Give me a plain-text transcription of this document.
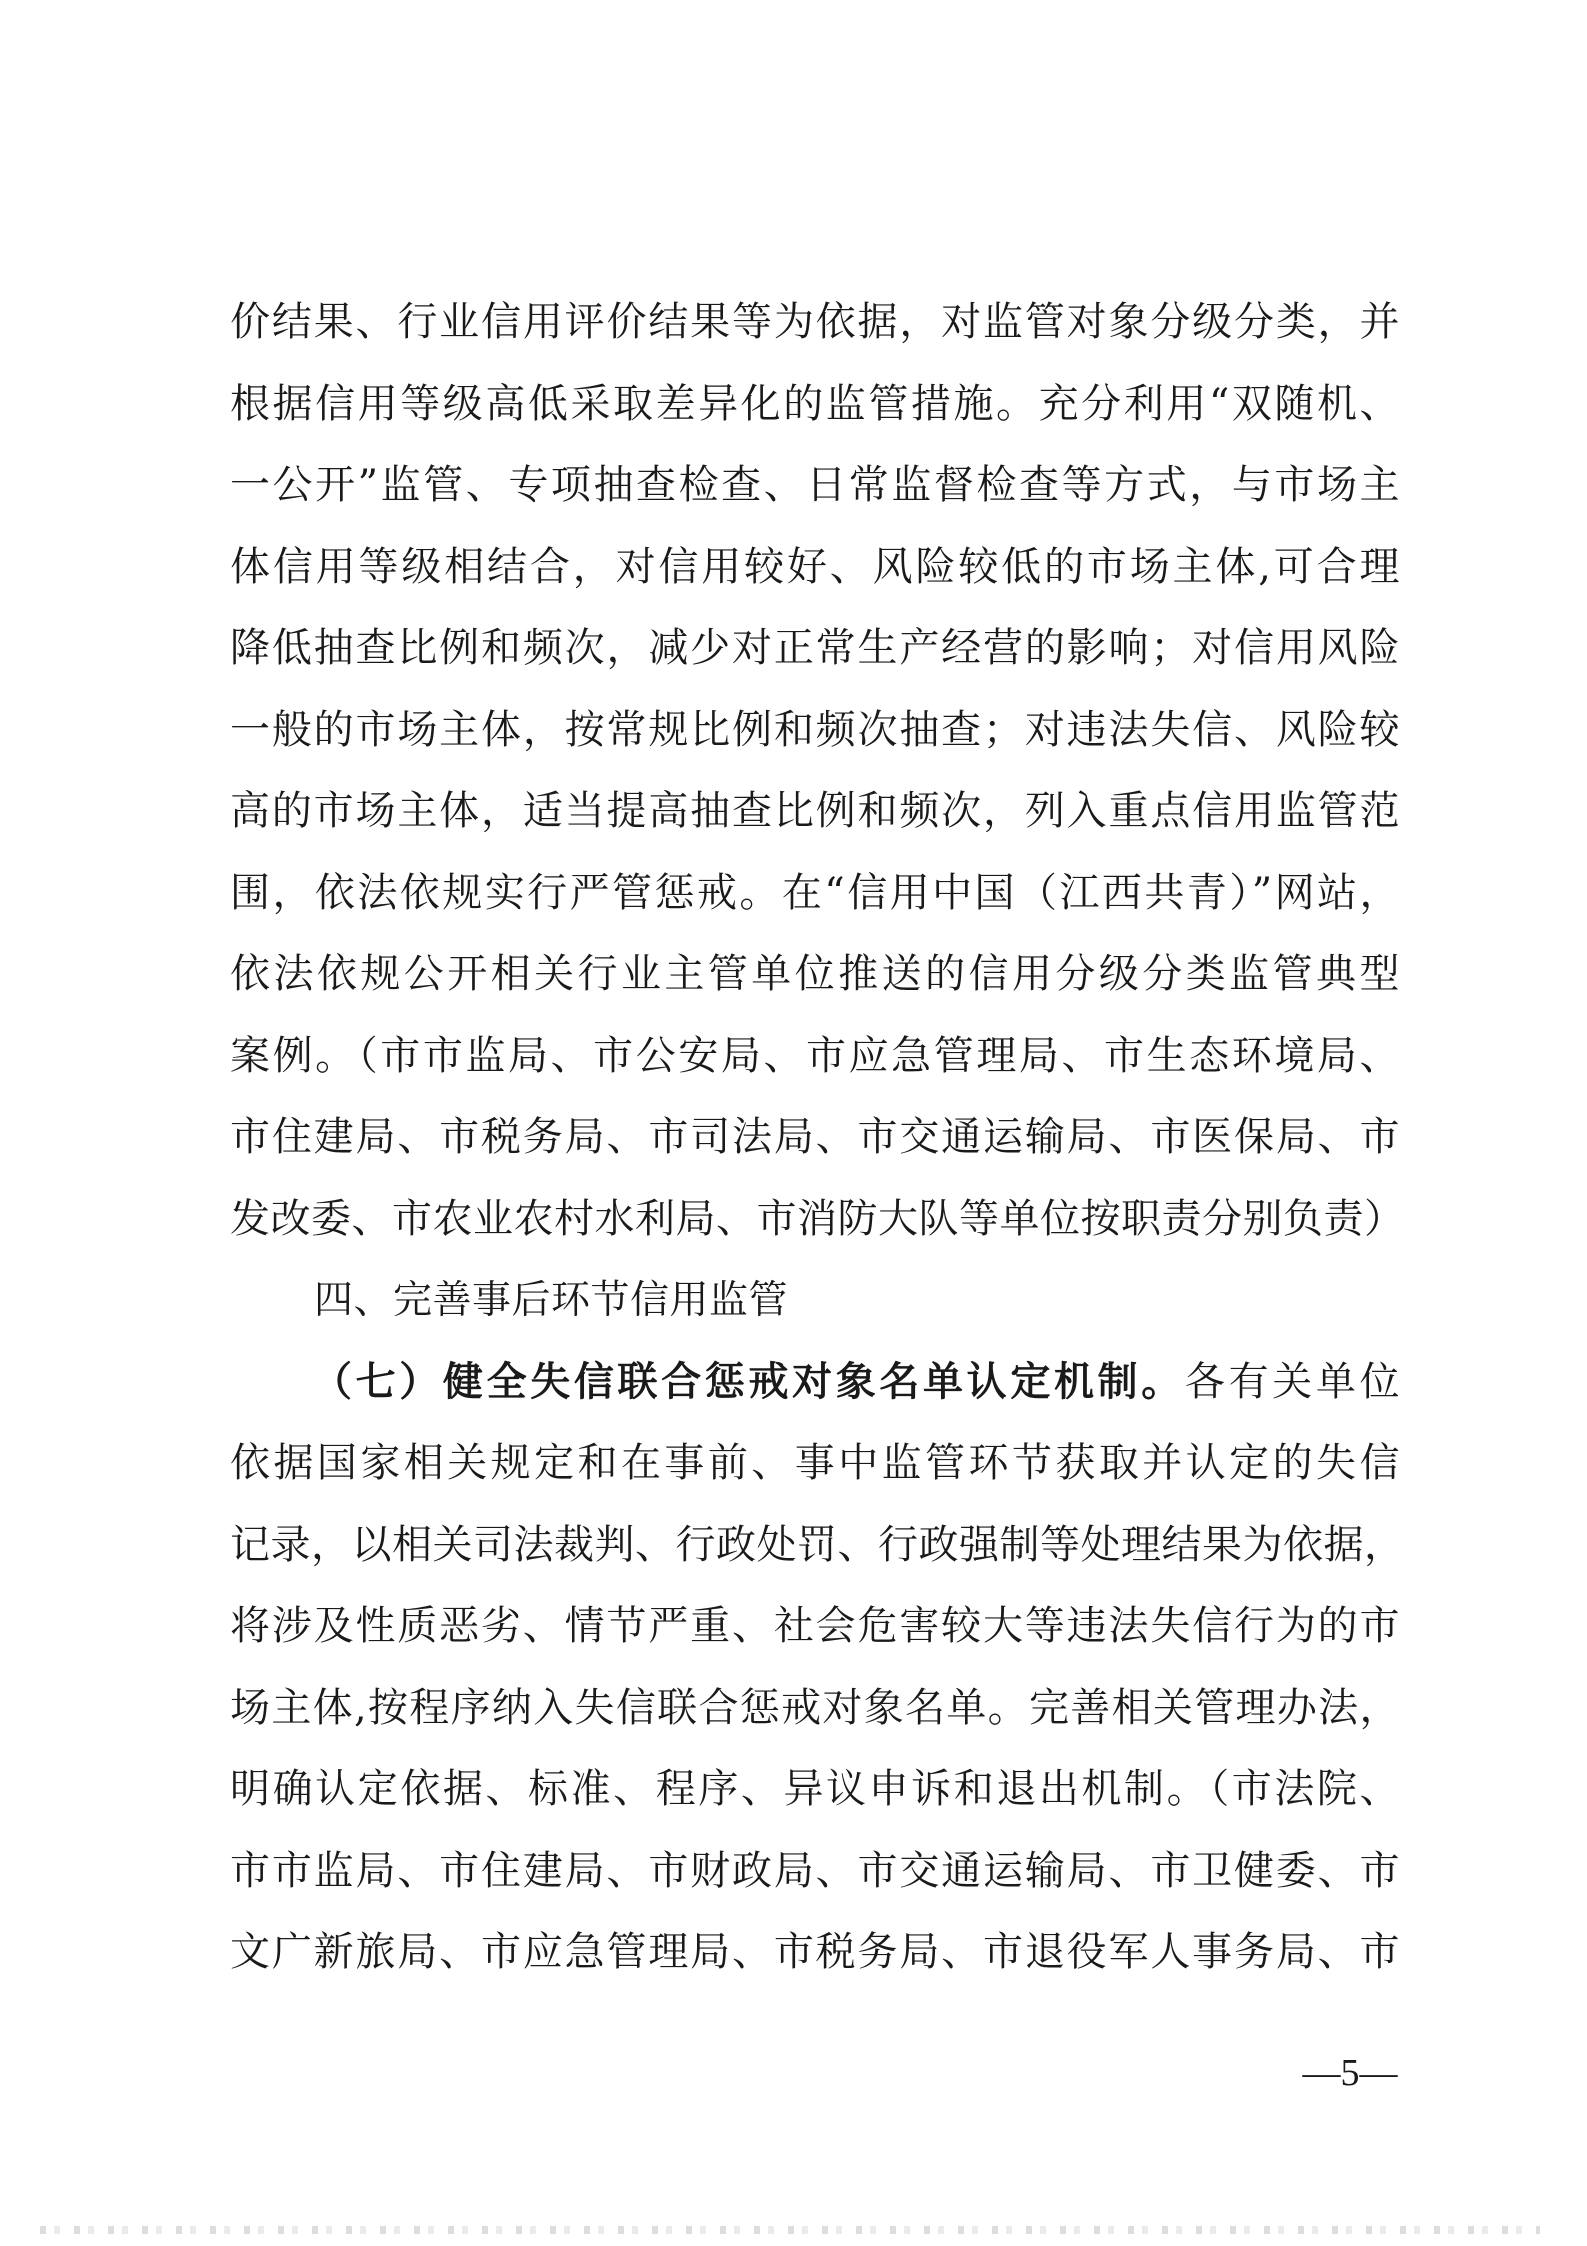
价结果、行业信用评价结果等为依据，对监管对象分级分类，并
根据信用等级高低采取差异化的监管措施。充分利用“双随机、
一公开”监管、专项抽查检查、日常监督检查等方式，与市场主
体信用等级相结合，对信用较好、风险较低的市场主体,可合理
降低抽查比例和频次，减少对正常生产经营的影响；对信用风险
一般的市场主体，按常规比例和频次抽查；对违法失信、风险较
高的市场主体，适当提高抽查比例和频次，列入重点信用监管范
围，依法依规实行严管惩戒。在“信用中国（江西共青）”网站，
依法依规公开相关行业主管单位推送的信用分级分类监管典型
案例。（市市监局、市公安局、市应急管理局、市生态环境局、
市住建局、市税务局、市司法局、市交通运输局、市医保局、市
发改委、市农业农村水利局、市消防大队等单位按职责分别负责）
四、完善事后环节信用监管
（七）健全失信联合惩戒对象名单认定机制。各有关单位
依据国家相关规定和在事前、事中监管环节获取并认定的失信
记录，以相关司法裁判、行政处罚、行政强制等处理结果为依据，
将涉及性质恶劣、情节严重、社会危害较大等违法失信行为的市
场主体,按程序纳入失信联合惩戒对象名单。完善相关管理办法，
明确认定依据、标准、程序、异议申诉和退出机制。（市法院、
市市监局、市住建局、市财政局、市交通运输局、市卫健委、市
文广新旅局、市应急管理局、市税务局、市退役军人事务局、市
—5—
